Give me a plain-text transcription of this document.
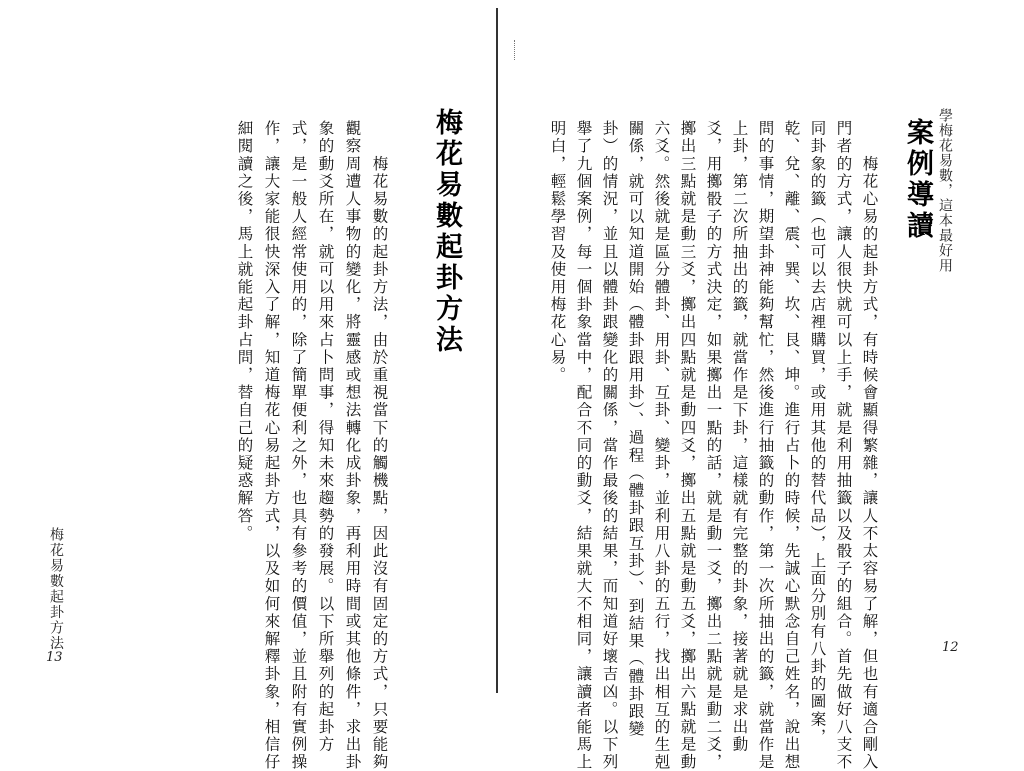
學梅花易數，這本最好用
案例導讀
　　梅花心易的起卦方式，有時候會顯得繁雜，讓人不太容易了解，但也有適合剛入
門者的方式，讓人很快就可以上手，就是利用抽籤以及骰子的組合。首先做好八支不
同卦象的籤（也可以去店裡購買，或用其他的替代品），上面分別有八卦的圖案，
乾、兌、離、震、巽、坎、艮、坤。進行占卜的時候，先誠心默念自己姓名，說出想
問的事情，期望卦神能夠幫忙，然後進行抽籤的動作，第一次所抽出的籤，就當作是
上卦，第二次所抽出的籤，就當作是下卦，這樣就有完整的卦象，接著就是求出動
爻，用擲骰子的方式決定，如果擲出一點的話，就是動一爻，擲出二點就是動二爻，
擲出三點就是動三爻，擲出四點就是動四爻，擲出五點就是動五爻，擲出六點就是動
六爻。然後就是區分體卦、用卦、互卦、變卦，並利用八卦的五行，找出相互的生剋
關係，就可以知道開始（體卦跟用卦）、過程（體卦跟互卦）、到結果（體卦跟變
卦）的情況，並且以體卦跟變化的關係，當作最後的結果，而知道好壞吉凶。以下列
舉了九個案例，每一個卦象當中，配合不同的動爻，結果就大不相同，讓讀者能馬上
明白，輕鬆學習及使用梅花心易。
12
梅花易數起卦方法
　　梅花易數的起卦方法，由於重視當下的觸機點，因此沒有固定的方式，只要能夠
觀察周遭人事物的變化，將靈感或想法轉化成卦象，再利用時間或其他條件，求出卦
象的動爻所在，就可以用來占卜問事，得知未來趨勢的發展。以下所舉列的起卦方
式，是一般人經常使用的，除了簡單便利之外，也具有參考的價值，並且附有實例操
作，讓大家能很快深入了解，知道梅花心易起卦方式，以及如何來解釋卦象，相信仔
細閱讀之後，馬上就能起卦占問，替自己的疑惑解答。
梅花易數起卦方法
13
